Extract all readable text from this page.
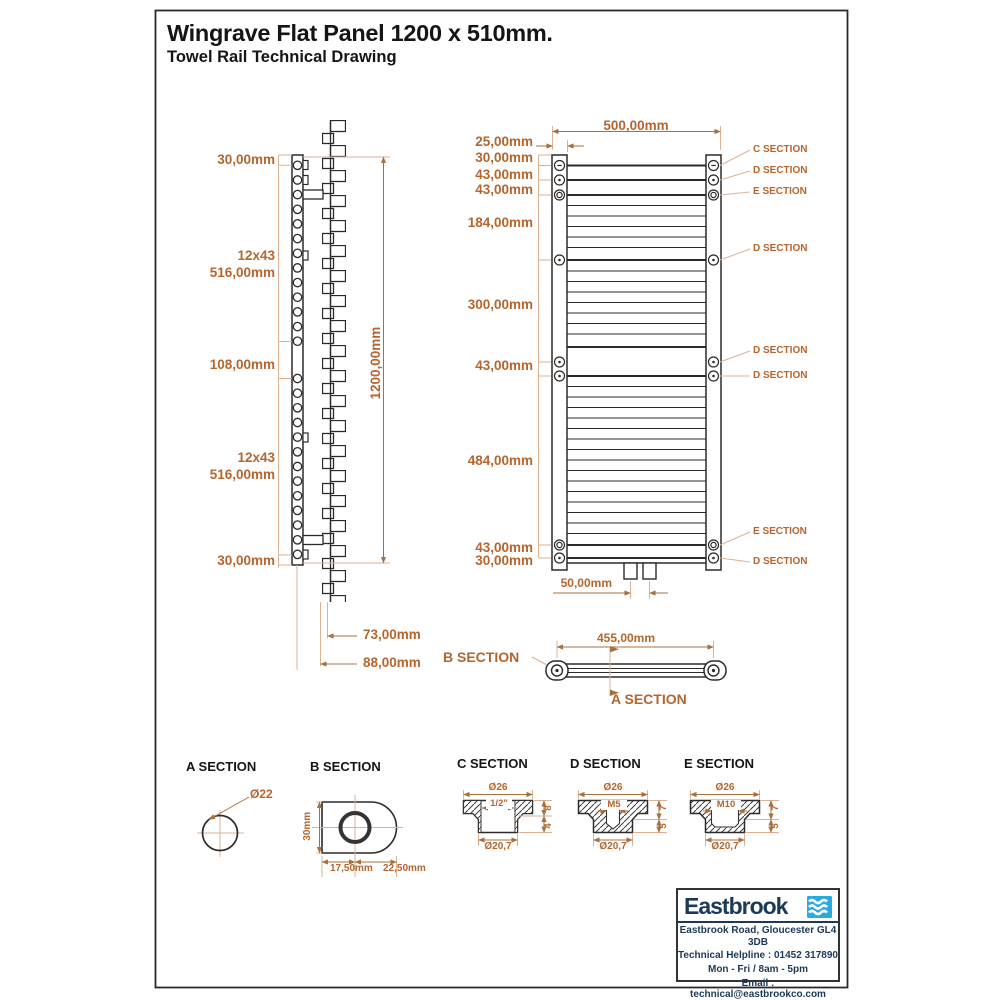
Wingrave Flat Panel 1200 x 510mm.
Towel Rail Technical Drawing
30,00mm
12x43
516,00mm
108,00mm
12x43
516,00mm
30,00mm
1200,00mm
73,00mm
88,00mm
500,00mm
25,00mm
30,00mm
43,00mm
43,00mm
184,00mm
300,00mm
43,00mm
484,00mm
43,00mm
30,00mm
C SECTION
D SECTION
E SECTION
D SECTION
D SECTION
D SECTION
E SECTION
D SECTION
50,00mm
455,00mm
B SECTION
A SECTION
A SECTION
Ø22
B SECTION
30mm
17,50mm 22,50mm
C SECTION
Ø26
1/2"
Ø20,7
8
4
D SECTION
Ø26
M5
Ø20,7
7
5
E SECTION
Ø26
M10
Ø20,7
7
5
Eastbrook
Eastbrook Road, Gloucester GL4 3DB
Technical Helpline : 01452 317890
Mon - Fri / 8am - 5pm
Email : technical@eastbrookco.com
